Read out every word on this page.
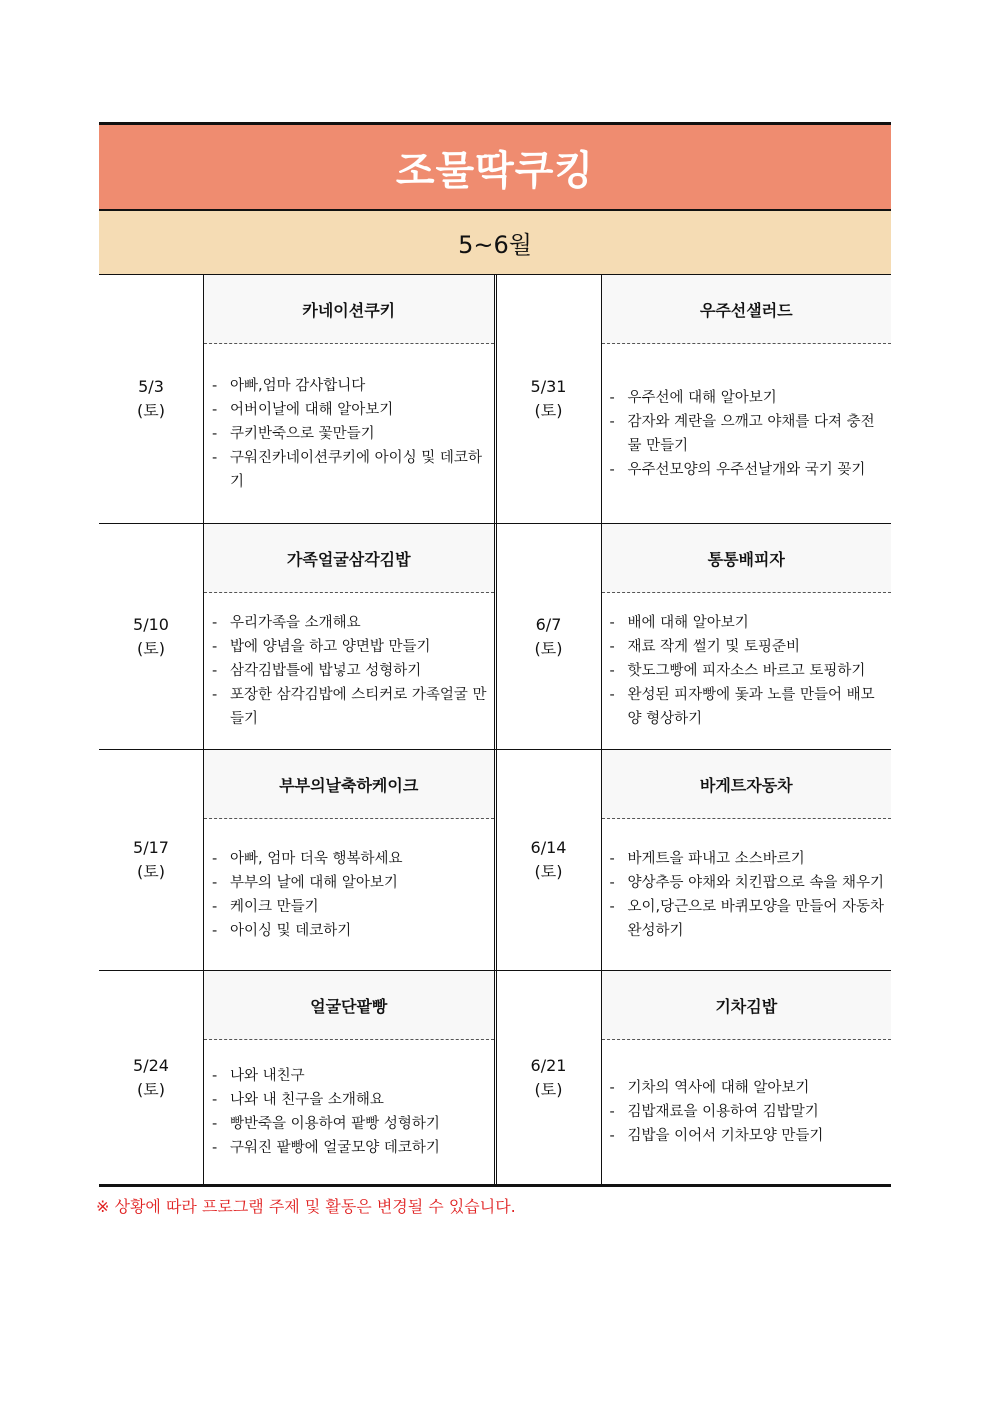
조물딱쿠킹
5~6월
5/3
(토)
카네이션쿠키
- 아빠,엄마 감사합니다
- 어버이날에 대해 알아보기
- 쿠키반죽으로 꽃만들기
- 구워진카네이션쿠키에 아이싱 및 데코하기
5/31
(토)
우주선샐러드
- 우주선에 대해 알아보기
- 감자와 계란을 으깨고 야채를 다져 충전물 만들기
- 우주선모양의 우주선날개와 국기 꽂기
5/10
(토)
가족얼굴삼각김밥
- 우리가족을 소개해요
- 밥에 양념을 하고 양면밥 만들기
- 삼각김밥틀에 밥넣고 성형하기
- 포장한 삼각김밥에 스티커로 가족얼굴 만들기
6/7
(토)
통통배피자
- 배에 대해 알아보기
- 재료 작게 썰기 및 토핑준비
- 핫도그빵에 피자소스 바르고 토핑하기
- 완성된 피자빵에 돛과 노를 만들어 배모양 형상하기
5/17
(토)
부부의날축하케이크
- 아빠, 엄마 더욱 행복하세요
- 부부의 날에 대해 알아보기
- 케이크 만들기
- 아이싱 및 데코하기
6/14
(토)
바게트자동차
- 바게트을 파내고 소스바르기
- 양상추등 야채와 치킨팝으로 속을 채우기
- 오이,당근으로 바퀴모양을 만들어 자동차 완성하기
5/24
(토)
얼굴단팥빵
- 나와 내친구
- 나와 내 친구을 소개해요
- 빵반죽을 이용하여 팥빵 성형하기
- 구워진 팥빵에 얼굴모양 데코하기
6/21
(토)
기차김밥
- 기차의 역사에 대해 알아보기
- 김밥재료을 이용하여 김밥말기
- 김밥을 이어서 기차모양 만들기
※ 상황에 따라 프로그램 주제 및 활동은 변경될 수 있습니다.
